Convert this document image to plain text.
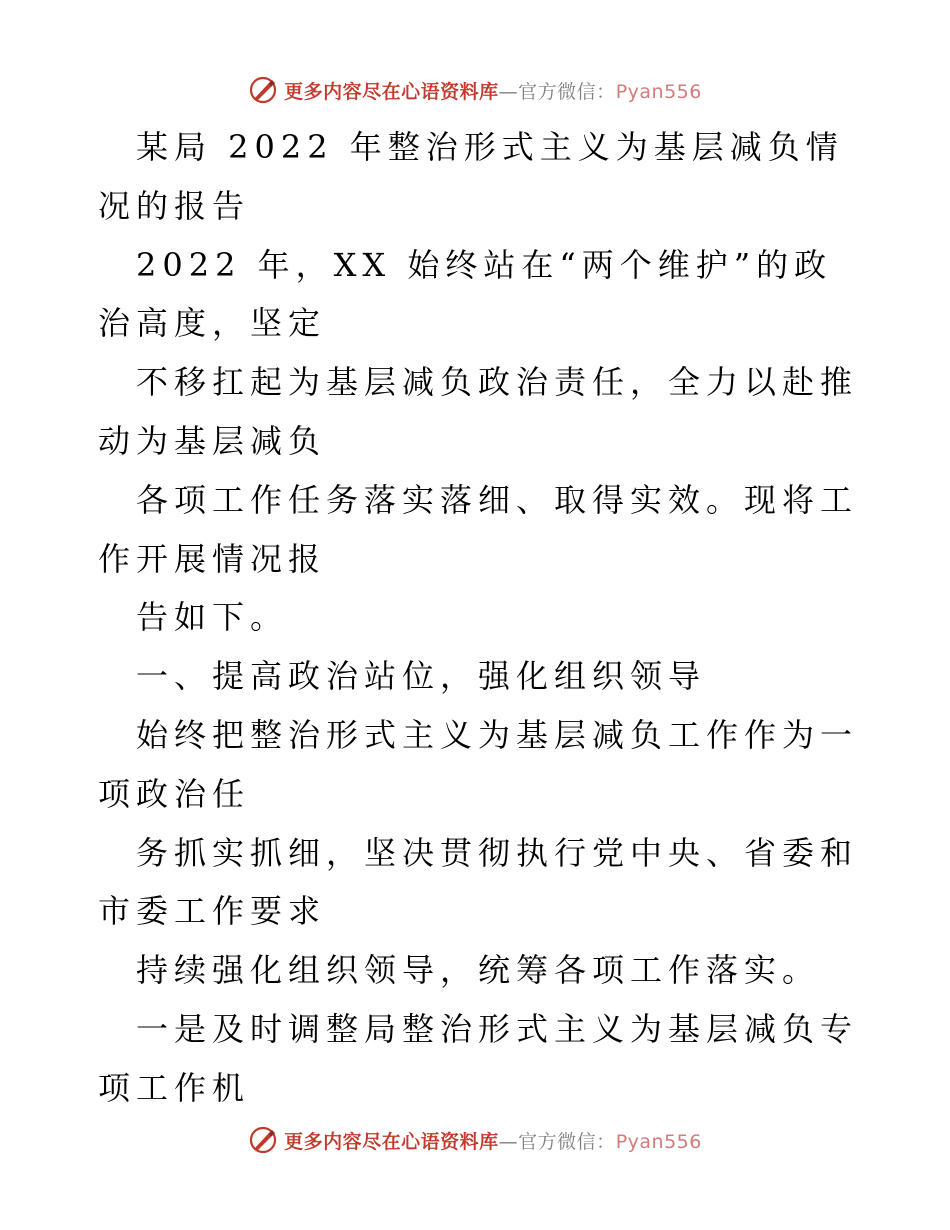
更多内容尽在心语资料库—官方微信：Pyan556

某局 2022 年整治形式主义为基层减负情况的报告

2022 年，XX 始终站在“两个维护”的政治高度，坚定

不移扛起为基层减负政治责任，全力以赴推动为基层减负

各项工作任务落实落细、取得实效。现将工作开展情况报

告如下。

一、提高政治站位，强化组织领导

始终把整治形式主义为基层减负工作作为一项政治任

务抓实抓细，坚决贯彻执行党中央、省委和市委工作要求

持续强化组织领导，统筹各项工作落实。

一是及时调整局整治形式主义为基层减负专项工作机

更多内容尽在心语资料库—官方微信：Pyan556
